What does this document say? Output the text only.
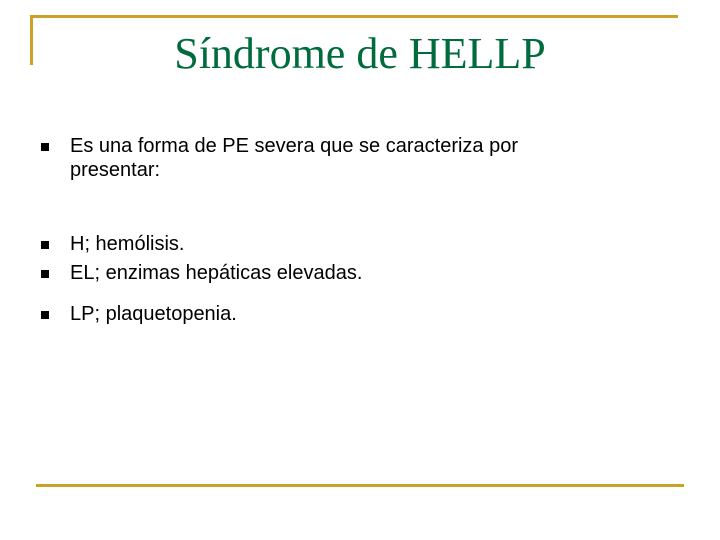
Síndrome de HELLP
Es una forma de PE severa que se caracteriza por
presentar:
H; hemólisis.
EL; enzimas hepáticas elevadas.
LP; plaquetopenia.
